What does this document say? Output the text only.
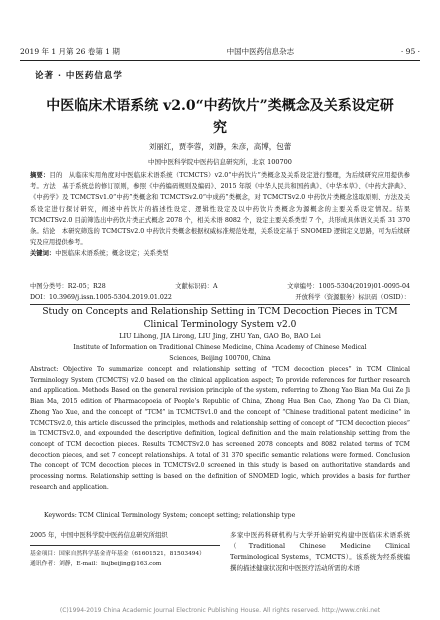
2019 年 1 月第 26 卷第 1 期	中国中医药信息杂志	· 95 ·
论著 · 中医药信息学
中医临床术语系统 v2.0“中药饮片”类概念及关系设定研究
刘丽红，贾李蓉，刘静，朱彦，高博，包蕾
中国中医科学院中医药信息研究所，北京 100700
摘要：目的　从临床实用角度对中医临床术语系统（TCMCTS）v2.0“中药饮片”类概念及关系设定进行整理，为后续研究应用提供参考。方法　基于系统总的修订原则，参照《中药编码规则及编码》、2015 年版《中华人民共和国药典》、《中华本草》、《中药大辞典》、《中药学》及 TCMCTSv1.0“中药”类概念和 TCMCTSv2.0“中成药”类概念，对 TCMCTSv2.0 中药饮片类概念选取原则、方法及关系设定进行探讨研究，阐述中药饮片的描述性设定、逻辑性设定及以中药饮片类概念为源概念的主要关系设定情况。结果　TCMCTSv2.0 目前筛选出中药饮片类正式概念 2078 个，相关术语 8082 个，设定主要关系类型 7 个，共形成具体语义关系 31 370 条。结论　本研究筛选的 TCMCTSv2.0 中药饮片类概念根据权威标准规范处理，关系设定基于 SNOMED 逻辑定义思路，可为后续研究及应用提供参考。
关键词：中医临床术语系统；概念设定；关系类型
中图分类号：R2-05；R28	文献标识码：A	文章编号：1005-5304(2019)01-0095-04
DOI：10.3969/j.issn.1005-5304.2019.01.022	开放科学（资源服务）标识码（OSID）：
Study on Concepts and Relationship Setting in TCM Decoction Pieces in TCM Clinical Terminology System v2.0
LIU Lihong, JIA Lirong, LIU Jing, ZHU Yan, GAO Bo, BAO Lei
Institute of Information on Traditional Chinese Medicine, China Academy of Chinese Medical Sciences, Beijing 100700, China
Abstract: Objective To summarize concept and relationship setting of “TCM decoction pieces” in TCM Clinical Terminology System (TCMCTS) v2.0 based on the clinical application aspect; To provide references for further research and application. Methods Based on the general revision principle of the system, referring to Zhong Yao Bian Ma Gui Ze Ji Bian Ma, 2015 edition of Pharmacopoeia of People’s Republic of China, Zhong Hua Ben Cao, Zhong Yao Da Ci Dian, Zhong Yao Xue, and the concept of “TCM” in TCMCTSv1.0 and the concept of “Chinese traditional patent medicine” in TCMCTSv2.0, this article discussed the principles, methods and relationship setting of concept of “TCM decoction pieces” in TCMCTSv2.0, and expounded the descriptive definition, logical definition and the main relationship setting from the concept of TCM decoction pieces. Results TCMCTSv2.0 has screened 2078 concepts and 8082 related terms of TCM decoction pieces, and set 7 concept relationships. A total of 31 370 specific semantic relations were formed. Conclusion The concept of TCM decoction pieces in TCMCTSv2.0 screened in this study is based on authoritative standards and processing norms. Relationship setting is based on the definition of SNOMED logic, which provides a basis for further research and application.
Keywords: TCM Clinical Terminology System; concept setting; relationship type
2005 年，中国中医科学院中医药信息研究所组织
基金项目：国家自然科学基金青年基金（61601521，81503494）
通讯作者：刘静，E-mail：liujbeijing@163.com
多家中医药科研机构与大学开始研究构建中医临床术语系统（Traditional Chinese Medicine Clinical Terminological Systems，TCMCTS）。该系统为经系统编撰的描述健康状况和中医医疗活动所需的术语
(C)1994-2019 China Academic Journal Electronic Publishing House. All rights reserved. http://www.cnki.net
